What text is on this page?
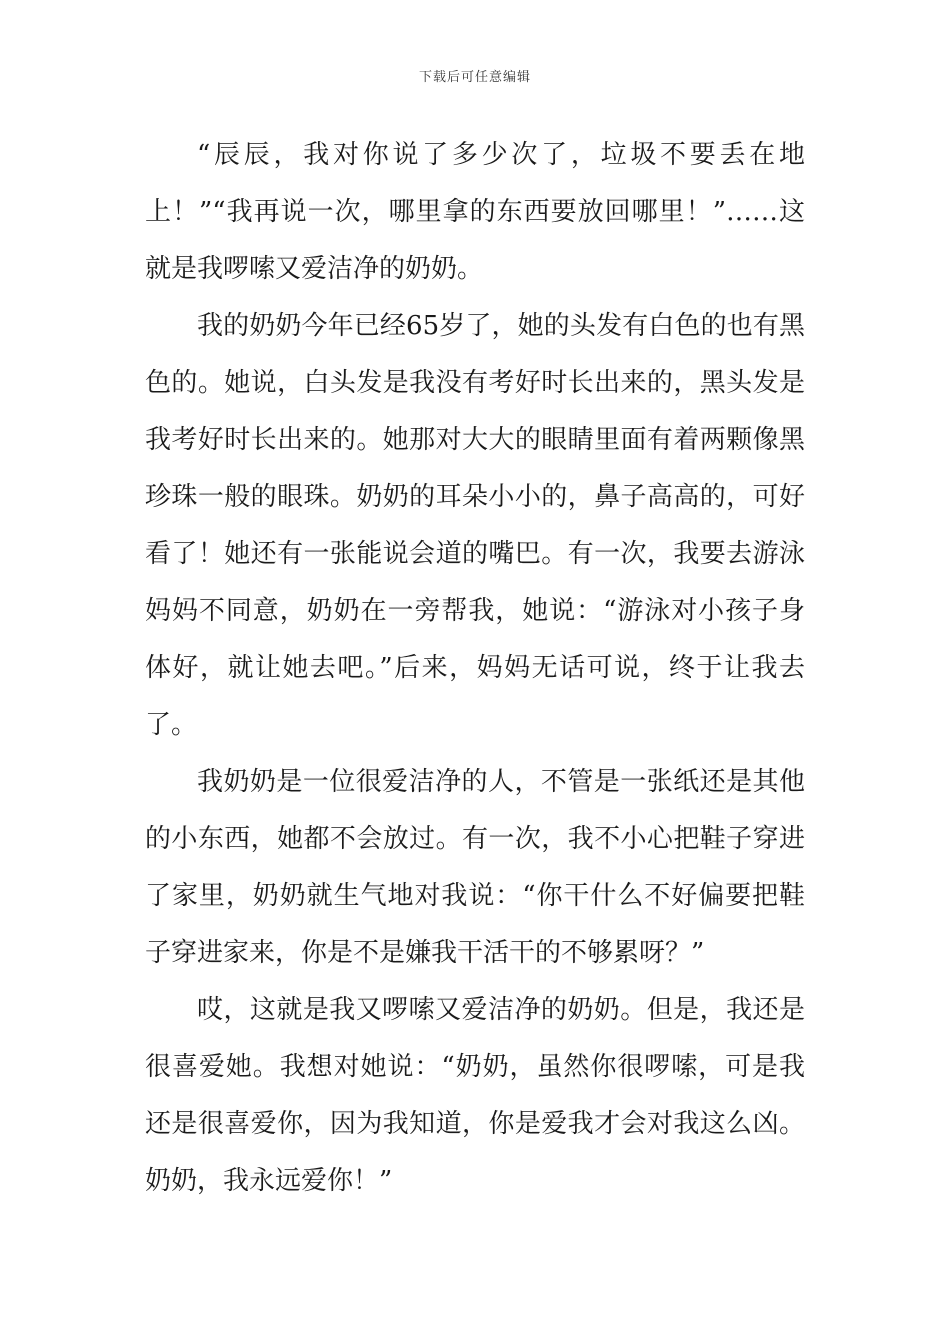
下载后可任意编辑

“辰辰，我对你说了多少次了，垃圾不要丢在地上！”“我再说一次，哪里拿的东西要放回哪里！”……这就是我啰嗦又爱洁净的奶奶。

我的奶奶今年已经65岁了，她的头发有白色的也有黑色的。她说，白头发是我没有考好时长出来的，黑头发是我考好时长出来的。她那对大大的眼睛里面有着两颗像黑珍珠一般的眼珠。奶奶的耳朵小小的，鼻子高高的，可好看了！她还有一张能说会道的嘴巴。有一次，我要去游泳妈妈不同意，奶奶在一旁帮我，她说：“游泳对小孩子身体好，就让她去吧。”后来，妈妈无话可说，终于让我去了。

我奶奶是一位很爱洁净的人，不管是一张纸还是其他的小东西，她都不会放过。有一次，我不小心把鞋子穿进了家里，奶奶就生气地对我说：“你干什么不好偏要把鞋子穿进家来，你是不是嫌我干活干的不够累呀？”

哎，这就是我又啰嗦又爱洁净的奶奶。但是，我还是很喜爱她。我想对她说：“奶奶，虽然你很啰嗦，可是我还是很喜爱你，因为我知道，你是爱我才会对我这么凶。奶奶，我永远爱你！”
